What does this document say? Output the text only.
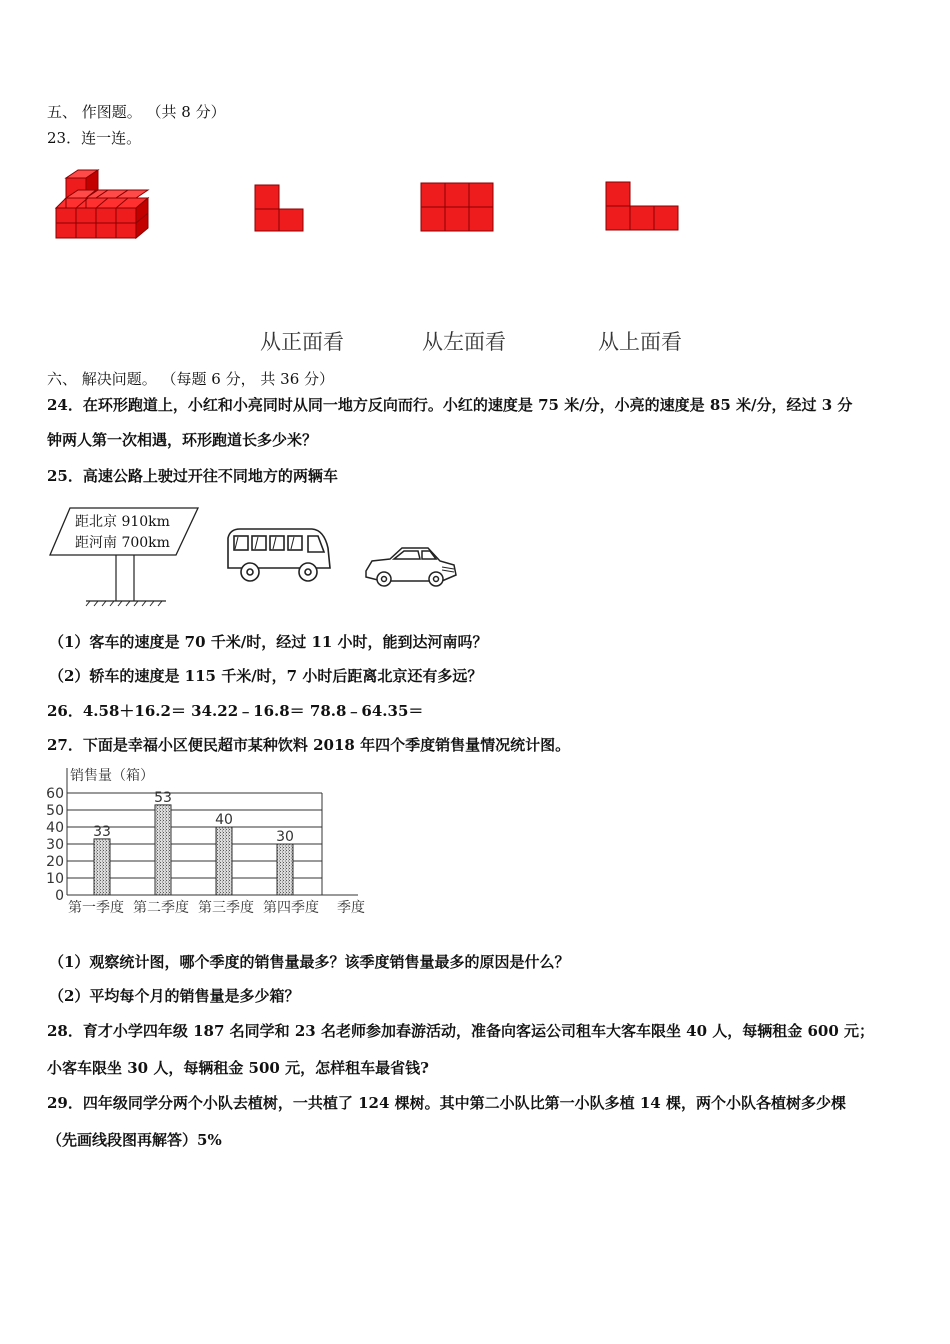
五、 作图题。 （共 8 分）
23．连一连。
从正面看	从左面看	从上面看
六、 解决问题。 （每题 6 分， 共 36 分）
24．在环形跑道上，小红和小亮同时从同一地方反向而行。小红的速度是 75 米/分，小亮的速度是 85 米/分，经过 3 分
钟两人第一次相遇，环形跑道长多少米？
25．高速公路上驶过开往不同地方的两辆车
距北京 910km
距河南 700km
（1）客车的速度是 70 千米/时，经过 11 小时，能到达河南吗？
（2）轿车的速度是 115 千米/时，7 小时后距离北京还有多远？
26．4.58＋16.2＝ 34.22﹣16.8＝ 78.8﹣64.35＝
27．下面是幸福小区便民超市某种饮料 2018 年四个季度销售量情况统计图。
0
10
20
30
40
50
60
33
第一季度
53
第二季度
40
第三季度
30
第四季度
销售量（箱）
季度
（1）观察统计图，哪个季度的销售量最多？该季度销售量最多的原因是什么？
（2）平均每个月的销售量是多少箱？
28．育才小学四年级 187 名同学和 23 名老师参加春游活动，准备向客运公司租车大客车限坐 40 人，每辆租金 600 元；
小客车限坐 30 人，每辆租金 500 元，怎样租车最省钱?
29．四年级同学分两个小队去植树，一共植了 124 棵树。其中第二小队比第一小队多植 14 棵，两个小队各植树多少棵
（先画线段图再解答）5%
